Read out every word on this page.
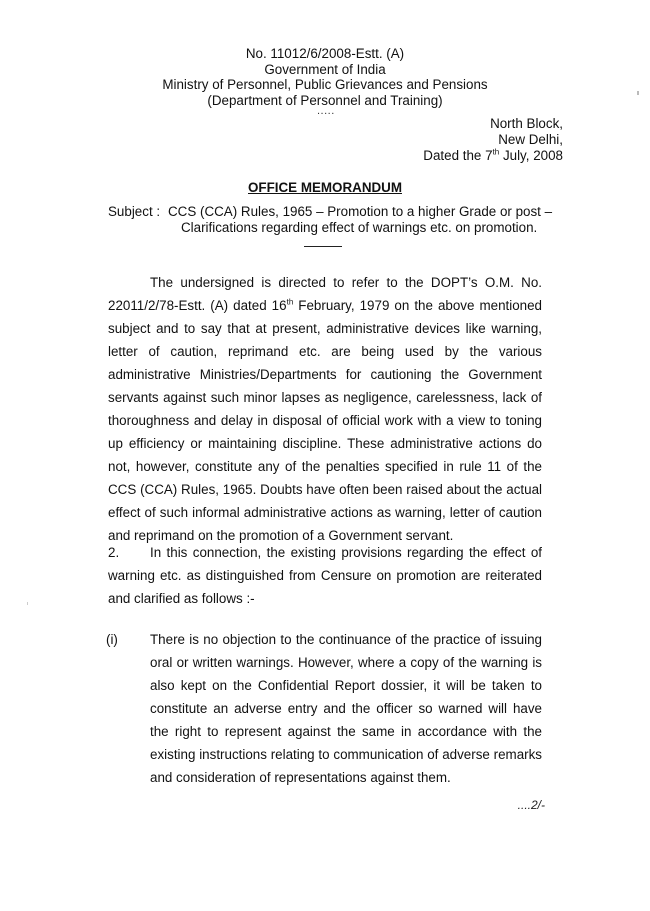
No. 11012/6/2008-Estt. (A)
Government of India
Ministry of Personnel, Public Grievances and Pensions
(Department of Personnel and Training)
.....
North Block,
New Delhi,
Dated the 7th July, 2008
OFFICE MEMORANDUM
Subject : CCS (CCA) Rules, 1965 – Promotion to a higher Grade or post –
Clarifications regarding effect of warnings etc. on promotion.

The undersigned is directed to refer to the DOPT’s O.M. No. 22011/2/78-Estt. (A) dated 16th February, 1979 on the above mentioned subject and to say that at present, administrative devices like warning, letter of caution, reprimand etc. are being used by the various administrative Ministries/Departments for cautioning the Government servants against such minor lapses as negligence, carelessness, lack of thoroughness and delay in disposal of official work with a view to toning up efficiency or maintaining discipline. These administrative actions do not, however, constitute any of the penalties specified in rule 11 of the CCS (CCA) Rules, 1965. Doubts have often been raised about the actual effect of such informal administrative actions as warning, letter of caution and reprimand on the promotion of a Government servant.

2. In this connection, the existing provisions regarding the effect of warning etc. as distinguished from Censure on promotion are reiterated and clarified as follows :-

(i) There is no objection to the continuance of the practice of issuing oral or written warnings. However, where a copy of the warning is also kept on the Confidential Report dossier, it will be taken to constitute an adverse entry and the officer so warned will have the right to represent against the same in accordance with the existing instructions relating to communication of adverse remarks and consideration of representations against them.
....2/-
